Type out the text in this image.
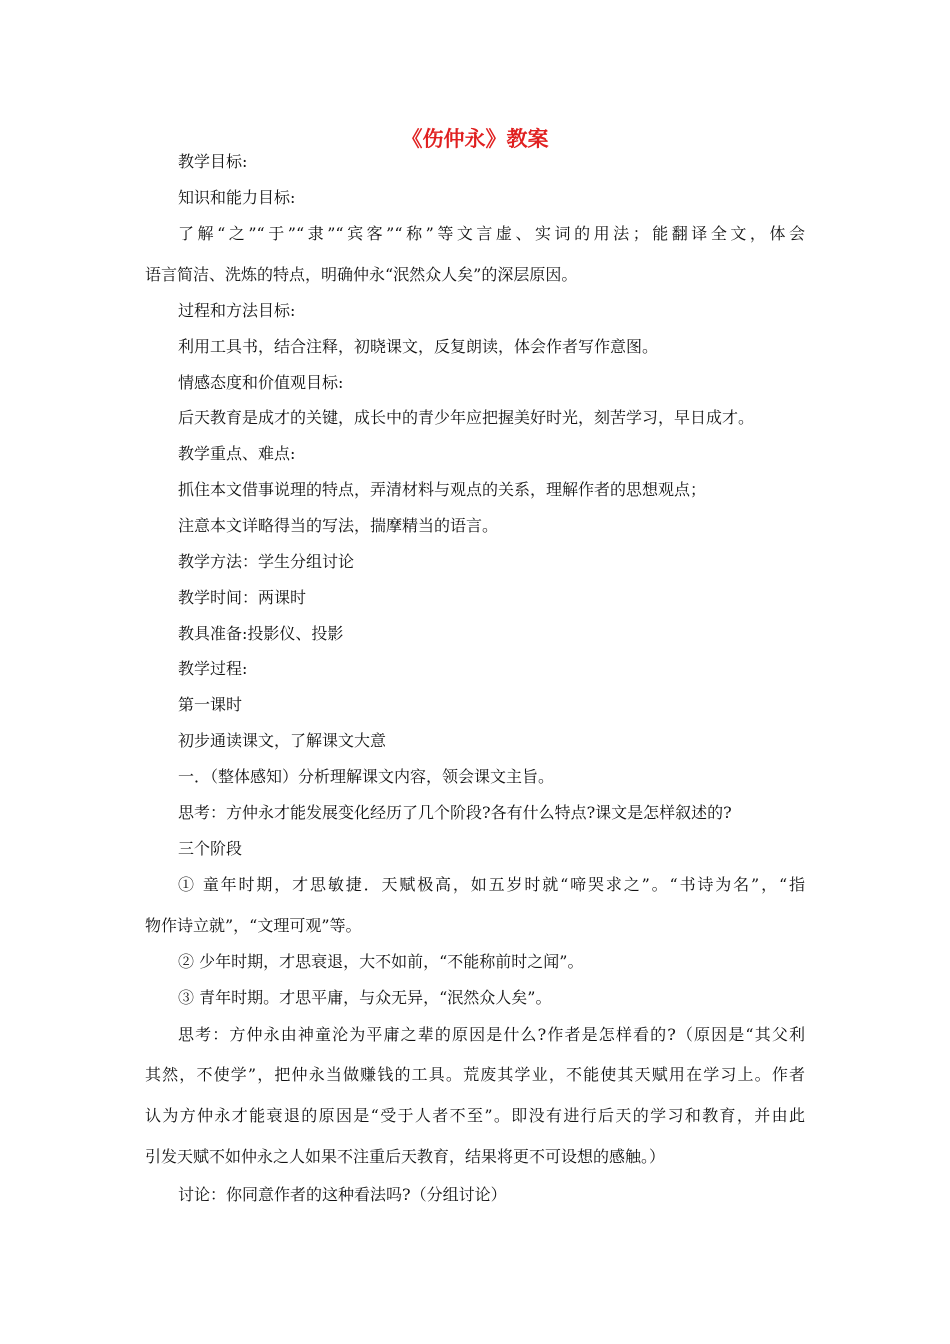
《伤仲永》教案
教学目标:
知识和能力目标:
了解“之”“于”“隶”“宾客”“称”等文言虚、实词的用法；能翻译全文，体会
语言简洁、洗炼的特点，明确仲永“泯然众人矣”的深层原因。
过程和方法目标:
利用工具书，结合注释，初晓课文，反复朗读，体会作者写作意图。
情感态度和价值观目标:
后天教育是成才的关键，成长中的青少年应把握美好时光，刻苦学习，早日成才。
教学重点、难点:
抓住本文借事说理的特点，弄清材料与观点的关系，理解作者的思想观点；
注意本文详略得当的写法，揣摩精当的语言。
教学方法：学生分组讨论
教学时间：两课时
教具准备:投影仪、投影
教学过程:
第一课时
初步通读课文，了解课文大意
一．（整体感知）分析理解课文内容，领会课文主旨。
思考：方仲永才能发展变化经历了几个阶段?各有什么特点?课文是怎样叙述的?
三个阶段
① 童年时期，才思敏捷．天赋极高，如五岁时就“啼哭求之”。“书诗为名”，“指
物作诗立就”，“文理可观”等。
② 少年时期，才思衰退，大不如前，“不能称前时之闻”。
③ 青年时期。才思平庸，与众无异，“泯然众人矣”。
思考：方仲永由神童沦为平庸之辈的原因是什么?作者是怎样看的?（原因是“其父利
其然，不使学”，把仲永当做赚钱的工具。荒废其学业，不能使其天赋用在学习上。作者
认为方仲永才能衰退的原因是“受于人者不至”。即没有进行后天的学习和教育，并由此
引发天赋不如仲永之人如果不注重后天教育，结果将更不可设想的感触。）
讨论：你同意作者的这种看法吗?（分组讨论）
